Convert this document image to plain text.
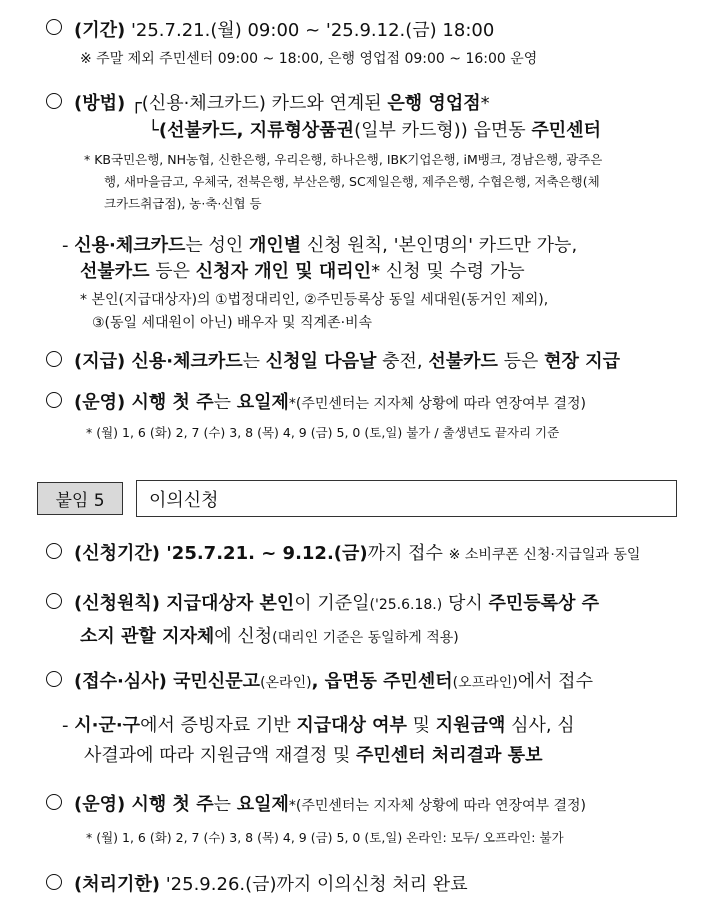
(기간) '25.7.21.(월) 09:00 ~ '25.9.12.(금) 18:00
※ 주말 제외 주민센터 09:00 ~ 18:00, 은행 영업점 09:00 ~ 16:00 운영
(방법) ┌(신용·체크카드) 카드와 연계된 은행 영업점*
└(선불카드, 지류형상품권(일부 카드형)) 읍면동 주민센터
* KB국민은행, NH농협, 신한은행, 우리은행, 하나은행, IBK기업은행, iM뱅크, 경남은행, 광주은
행, 새마을금고, 우체국, 전북은행, 부산은행, SC제일은행, 제주은행, 수협은행, 저축은행(체
크카드취급점), 농·축·신협 등
- 신용·체크카드는 성인 개인별 신청 원칙, '본인명의' 카드만 가능,
선불카드 등은 신청자 개인 및 대리인* 신청 및 수령 가능
* 본인(지급대상자)의 ①법정대리인, ②주민등록상 동일 세대원(동거인 제외),
③(동일 세대원이 아닌) 배우자 및 직계존·비속
(지급) 신용·체크카드는 신청일 다음날 충전, 선불카드 등은 현장 지급
(운영) 시행 첫 주는 요일제*(주민센터는 지자체 상황에 따라 연장여부 결정)
* (월) 1, 6 (화) 2, 7 (수) 3, 8 (목) 4, 9 (금) 5, 0 (토,일) 불가 / 출생년도 끝자리 기준
붙임 5	이의신청
(신청기간) '25.7.21. ~ 9.12.(금)까지 접수 ※ 소비쿠폰 신청·지급일과 동일
(신청원칙) 지급대상자 본인이 기준일('25.6.18.) 당시 주민등록상 주
소지 관할 지자체에 신청(대리인 기준은 동일하게 적용)
(접수·심사) 국민신문고(온라인), 읍면동 주민센터(오프라인)에서 접수
- 시·군·구에서 증빙자료 기반 지급대상 여부 및 지원금액 심사, 심
사결과에 따라 지원금액 재결정 및 주민센터 처리결과 통보
(운영) 시행 첫 주는 요일제*(주민센터는 지자체 상황에 따라 연장여부 결정)
* (월) 1, 6 (화) 2, 7 (수) 3, 8 (목) 4, 9 (금) 5, 0 (토,일) 온라인: 모두/ 오프라인: 불가
(처리기한) '25.9.26.(금)까지 이의신청 처리 완료
